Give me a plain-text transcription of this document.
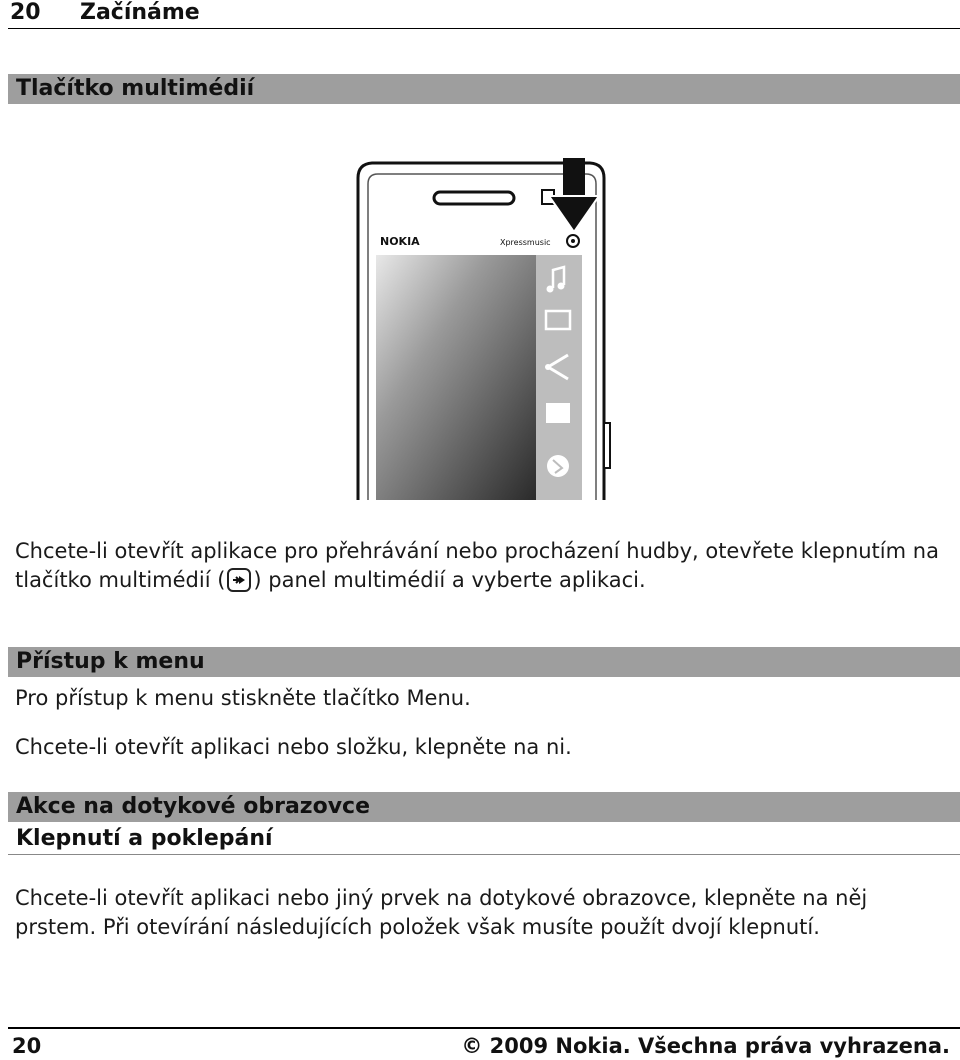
20 Začínáme
Tlačítko multimédií
NOKIA	Xpressmusic
Chcete-li otevřít aplikace pro přehrávání nebo procházení hudby, otevřete klepnutím na tlačítko multimédií ( ) panel multimédií a vyberte aplikaci.
Přístup k menu
Pro přístup k menu stiskněte tlačítko Menu.
Chcete-li otevřít aplikaci nebo složku, klepněte na ni.
Akce na dotykové obrazovce
Klepnutí a poklepání
Chcete-li otevřít aplikaci nebo jiný prvek na dotykové obrazovce, klepněte na něj prstem. Při otevírání následujících položek však musíte použít dvojí klepnutí.
20	© 2009 Nokia. Všechna práva vyhrazena.
